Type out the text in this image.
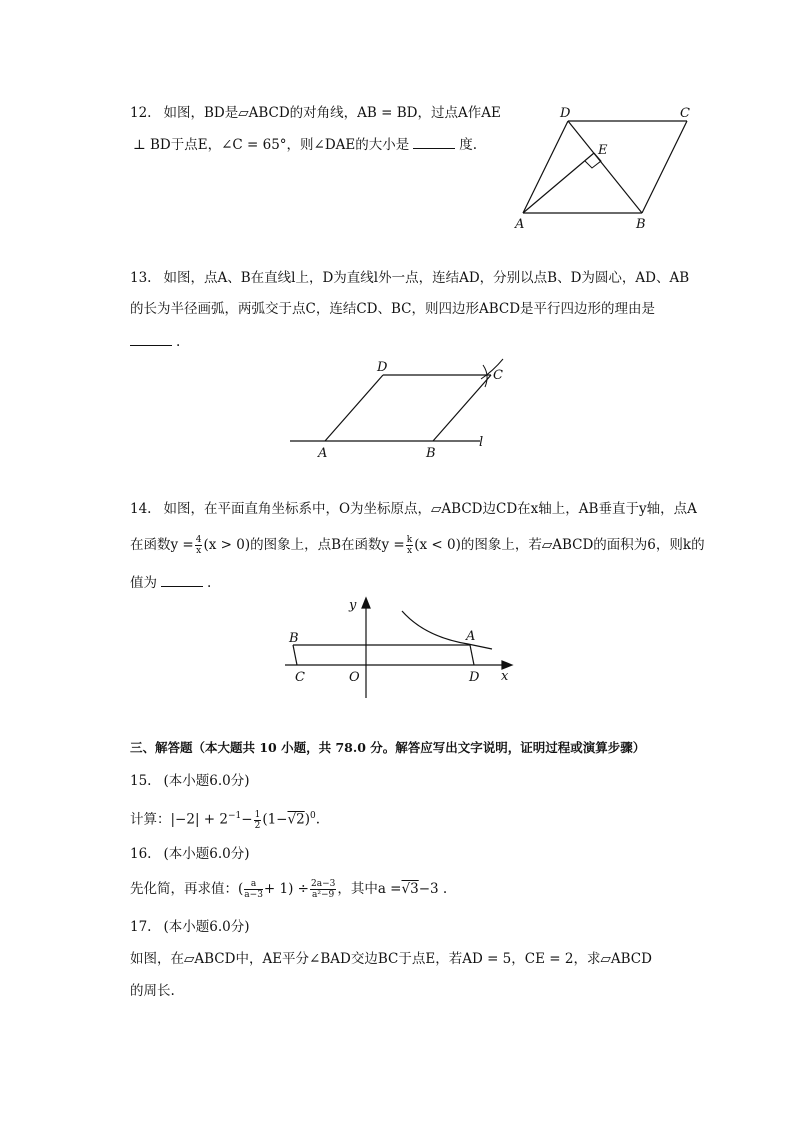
12. 如图，BD是▱ABCD的对角线，AB = BD，过点A作AE
⊥ BD于点E，∠C = 65°，则∠DAE的大小是	度.
A	B
C
D
E
13. 如图，点A、B在直线l上，D为直线l外一点，连结AD，分别以点B、D为圆心，AD、AB
的长为半径画弧，两弧交于点C，连结CD、BC，则四边形ABCD是平行四边形的理由是
.
A	B
C
D
l
14. 如图，在平面直角坐标系中，O为坐标原点，▱ABCD边CD在x轴上，AB垂直于y轴，点A
在函数$y = \frac{4}{x} (x > 0)$的图象上，点B在函数$y = \frac{k}{x} (x < 0)$的图象上，若▱ABCD的面积为6，则k的
值为	.
B
C
A
D
O	x
y
三、解答题（本大题共 10 小题，共 78.0 分。解答应写出文字说明，证明过程或演算步骤）
15. (本小题6.0分)
计算：$|-2| + 2^{-1}- \frac{1}{2} (1-√2)^0$.
16. (本小题6.0分)
先化简，再求值：( $\frac{a}{a-3} + 1) \div \frac{2a-3}{\text{a²−9}}$ ，其中a =√3−3 .
17. (本小题6.0分)
如图，在▱ABCD中，AE平分∠BAD交边BC于点E，若AD = 5，CE = 2，求▱ABCD
的周长.
